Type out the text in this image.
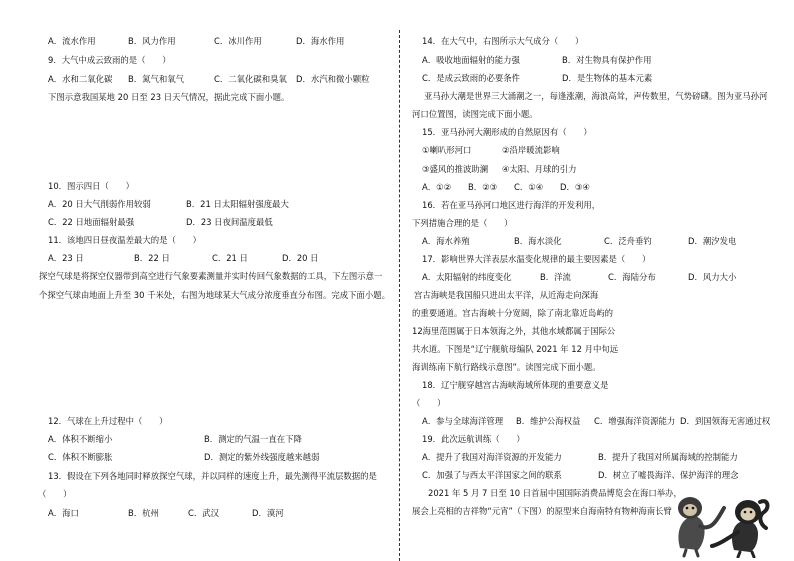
A．流水作用	B．风力作用	C．冰川作用	D．海水作用
9．大气中成云致雨的是（　　）
A．水和二氧化碳 B．氮气和氧气	C．二氧化碳和臭氧 D．水汽和微小颗粒
下图示意我国某地 20 日至 23 日天气情况，据此完成下面小题。
10．图示四日（　　）
A．20 日大气削弱作用较弱	B．21 日太阳辐射强度最大
C．22 日地面辐射最强	D．23 日夜间温度最低
11．该地四日昼夜温差最大的是（　　）
A．23 日	B．22 日	C．21 日	D．20 日
探空气球是将探空仪器带到高空进行气象要素测量并实时传回气象数据的工具，下左图示意一
个探空气球由地面上升至 30 千米处，右图为地球某大气成分浓度垂直分布图。完成下面小题。
12．气球在上升过程中（　　）
A．体积不断缩小	B．测定的气温一直在下降
C．体积不断膨胀	D．测定的紫外线强度越来越弱
13．假设在下列各地同时释放探空气球，并以同样的速度上升，最先测得平流层数据的是
（　　）
A．海口	B．杭州	C．武汉	D．漠河
14．在大气中，右图所示大气成分（　　）
A．吸收地面辐射的能力强	B．对生物具有保护作用
C．是成云致雨的必要条件	D．是生物体的基本元素
亚马孙大潮是世界三大涌潮之一，每逢涨潮，海浪高耸，声传数里，气势磅礴。图为亚马孙河
河口位置图，读图完成下面小题。
15．亚马孙河大潮形成的自然原因有（　　）
①喇叭形河口	②沿岸暖流影响
③盛风的推波助澜 ④太阳、月球的引力
A．①② B．②③ C．①④ D．③④
16．若在亚马孙河口地区进行海洋的开发利用，
下列措施合理的是（　　）
A．海水养殖	B．海水淡化	C．泛舟垂钓	D．潮汐发电
17．影响世界大洋表层水温变化规律的最主要因素是（　　）
A．太阳辐射的纬度变化	B．洋流	C．海陆分布	D．风力大小
宫古海峡是我国船只进出太平洋，从近海走向深海
的重要通道。宫古海峡十分宽阔，除了南北靠近岛屿的
12海里范围属于日本领海之外，其他水域都属于国际公
共水道。下图是“辽宁舰航母编队 2021 年 12 月中旬远
海训练南下航行路线示意图”。读图完成下面小题。
18．辽宁舰穿越宫古海峡海域所体现的重要意义是
（　　）
A．参与全球海洋管理 B．维护公海权益 C．增强海洋资源能力 D．到国领海无害通过权
19．此次远航训练（　　）
A．提升了我国对海洋资源的开发能力	B．提升了我国对所属海域的控制能力
C．加强了与西太平洋国家之间的联系	D．树立了嘘畏海洋、保护海洋的理念
2021 年 5 月 7 日至 10 日首届中国国际消费品博览会在海口举办，
展会上亮相的吉祥物“元宵”（下图）的原型来自海南特有物种海南长臂
